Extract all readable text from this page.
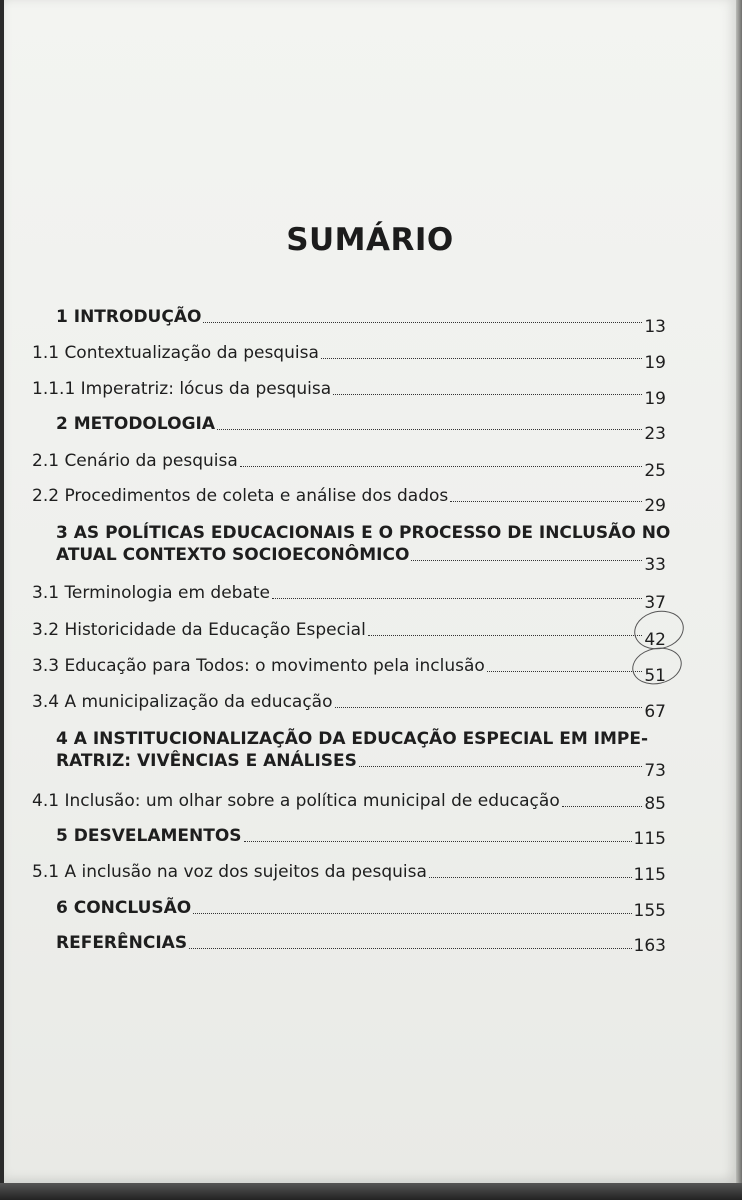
SUMÁRIO
1 INTRODUÇÃO	13
1.1 Contextualização da pesquisa	19
1.1.1 Imperatriz: lócus da pesquisa	19
2 METODOLOGIA	23
2.1 Cenário da pesquisa	25
2.2 Procedimentos de coleta e análise dos dados	29
3 AS POLÍTICAS EDUCACIONAIS E O PROCESSO DE INCLUSÃO NO
ATUAL CONTEXTO SOCIOECONÔMICO	33
3.1 Terminologia em debate	37
3.2 Historicidade da Educação Especial	42
3.3 Educação para Todos: o movimento pela inclusão	51
3.4 A municipalização da educação	67
4 A INSTITUCIONALIZAÇÃO DA EDUCAÇÃO ESPECIAL EM IMPE-
RATRIZ: VIVÊNCIAS E ANÁLISES	73
4.1 Inclusão: um olhar sobre a política municipal de educação	85
5 DESVELAMENTOS	115
5.1 A inclusão na voz dos sujeitos da pesquisa	115
6 CONCLUSÃO	155
REFERÊNCIAS	163
